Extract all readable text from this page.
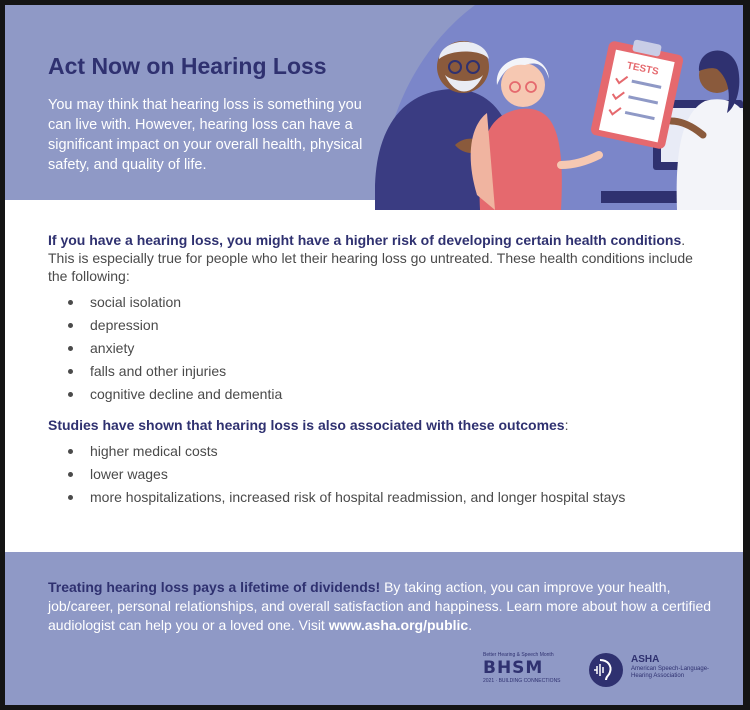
Act Now on Hearing Loss

You may think that hearing loss is something you can live with. However, hearing loss can have a significant impact on your overall health, physical safety, and quality of life.

TESTS

If you have a hearing loss, you might have a higher risk of developing certain health conditions. This is especially true for people who let their hearing loss go untreated. These health conditions include the following:

social isolation
depression
anxiety
falls and other injuries
cognitive decline and dementia

Studies have shown that hearing loss is also associated with these outcomes:

higher medical costs
lower wages
more hospitalizations, increased risk of hospital readmission, and longer hospital stays

Treating hearing loss pays a lifetime of dividends! By taking action, you can improve your health, job/career, personal relationships, and overall satisfaction and happiness. Learn more about how a certified audiologist can help you or a loved one. Visit www.asha.org/public.

Better Hearing & Speech Month
BHSM
2021 · BUILDING CONNECTIONS
ASHA
American Speech-Language-Hearing Association
